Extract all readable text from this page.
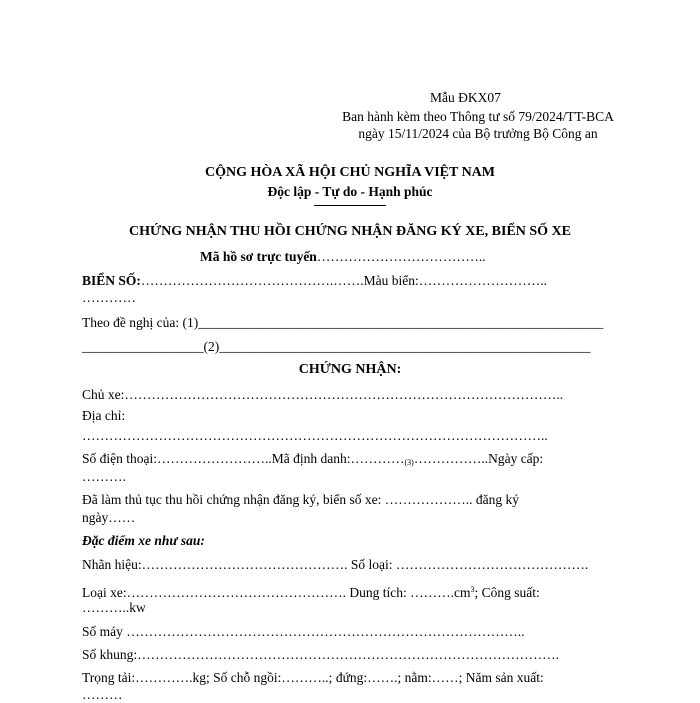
Mẫu ĐKX07
Ban hành kèm theo Thông tư số 79/2024/TT-BCA ngày 15/11/2024 của Bộ trưởng Bộ Công an
CỘNG HÒA XÃ HỘI CHỦ NGHĨA VIỆT NAM
Độc lập - Tự do - Hạnh phúc
CHỨNG NHẬN THU HỒI CHỨNG NHẬN ĐĂNG KÝ XE, BIỂN SỐ XE
Mã hồ sơ trực tuyến………………………………..
BIỂN SỐ:…………………………………….…….Màu biển:………………………..
…………
Theo đề nghị của: (1)____________________________________________________________
__________________(2)_______________________________________________________
CHỨNG NHẬN:
Chủ xe:……………………………………………………………………………………..
Địa chỉ:
…………………………………………………………………………………………..
Số điện thoại:……………………..Mã định $danh:\dots\dots\dots\dots_{(3)}\dots\dots\dots\dots\dots..Ngày$ cấp:
……….
Đã làm thủ tục thu hồi chứng nhận đăng ký, biển số xe: ……………….. đăng ký
ngày……
Đặc điểm xe như sau:
Nhãn hiệu:………………………………………. Số loại: …………………………………….
Loại xe:…………………………………………. Dung tích: $\dots\dots\dots.cm^3$; Công suất:
………..kw
Số máy ……………………………………………………………………………..
Số khung:………………………………………………………………………………….
Trọng tải:………….kg; Số chỗ ngồi:………..; đứng:…….; nằm:……; Năm sản xuất:
………
